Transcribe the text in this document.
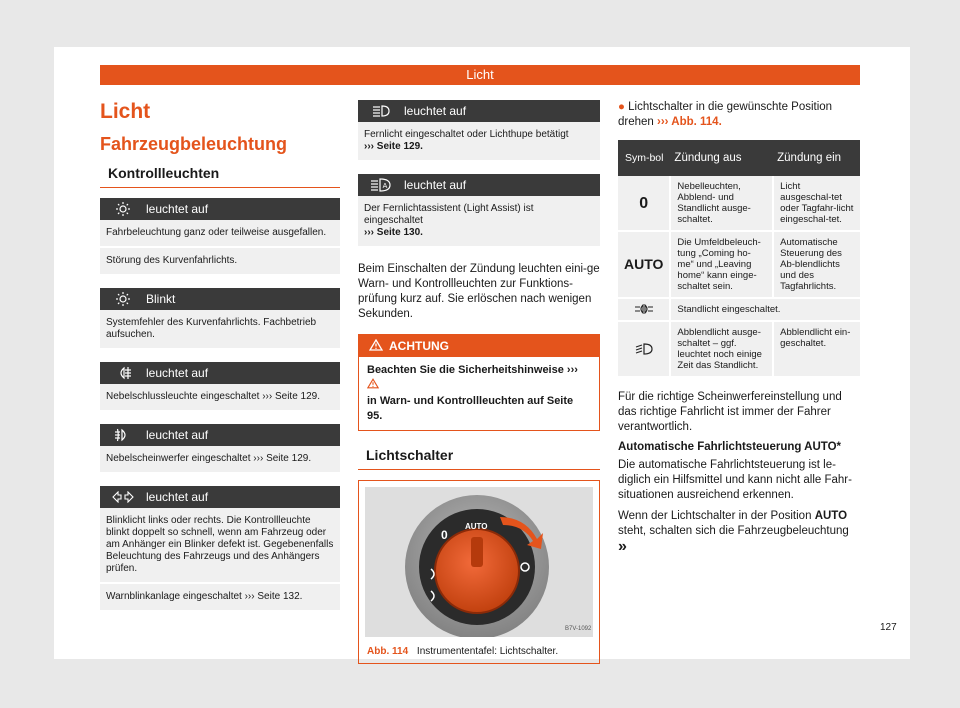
Licht
Licht
Fahrzeugbeleuchtung
Kontrollleuchten
leuchtet auf
Fahrbeleuchtung ganz oder teilweise ausgefallen.
Störung des Kurvenfahrlichts.
Blinkt
Systemfehler des Kurvenfahrlichts. Fachbetrieb aufsuchen.
leuchtet auf
Nebelschlussleuchte eingeschaltet ››› Seite 129.
leuchtet auf
Nebelscheinwerfer eingeschaltet ››› Seite 129.
leuchtet auf
Blinklicht links oder rechts. Die Kontrollleuchte blinkt doppelt so schnell, wenn am Fahrzeug oder am Anhänger ein Blinker defekt ist. Gegebenenfalls Beleuchtung des Fahrzeugs und des Anhängers prüfen.
Warnblinkanlage eingeschaltet ››› Seite 132.
leuchtet auf
Fernlicht eingeschaltet oder Lichthupe betätigt
››› Seite 129.
A leuchtet auf
Der Fernlichtassistent (Light Assist) ist eingeschaltet
››› Seite 130.
Beim Einschalten der Zündung leuchten eini-ge Warn- und Kontrollleuchten zur Funktions-prüfung kurz auf. Sie erlöschen nach wenigen Sekunden.
ACHTUNG
Beachten Sie die Sicherheitshinweise ›››
in Warn- und Kontrollleuchten auf Seite 95.
Lichtschalter
0
AUTO
B7V-1092
Abb. 114 Instrumententafel: Lichtschalter.
● Lichtschalter in die gewünschte Position drehen ››› Abb. 114.
Sym-bol	Zündung aus	Zündung ein
0	Nebelleuchten, Abblend- und Standlicht ausge-schaltet.	Licht ausgeschal-tet oder Tagfahr-licht eingeschal-tet.
AUTO	Die Umfeldbeleuch-tung „Coming ho-me“ und „Leaving home“ kann einge-schaltet sein.	Automatische Steuerung des Ab-blendlichts und des Tagfahrlichts.
	Standlicht eingeschaltet.	
	Abblendlicht ausge-schaltet – ggf. leuchtet noch einige Zeit das Standlicht.	Abblendlicht ein-geschaltet.
Für die richtige Scheinwerfereinstellung und das richtige Fahrlicht ist immer der Fahrer verantwortlich.
Automatische Fahrlichtsteuerung AUTO*
Die automatische Fahrlichtsteuerung ist le-diglich ein Hilfsmittel und kann nicht alle Fahr-situationen ausreichend erkennen.
Wenn der Lichtschalter in der Position AUTO steht, schalten sich die Fahrzeugbeleuchtung »
127
